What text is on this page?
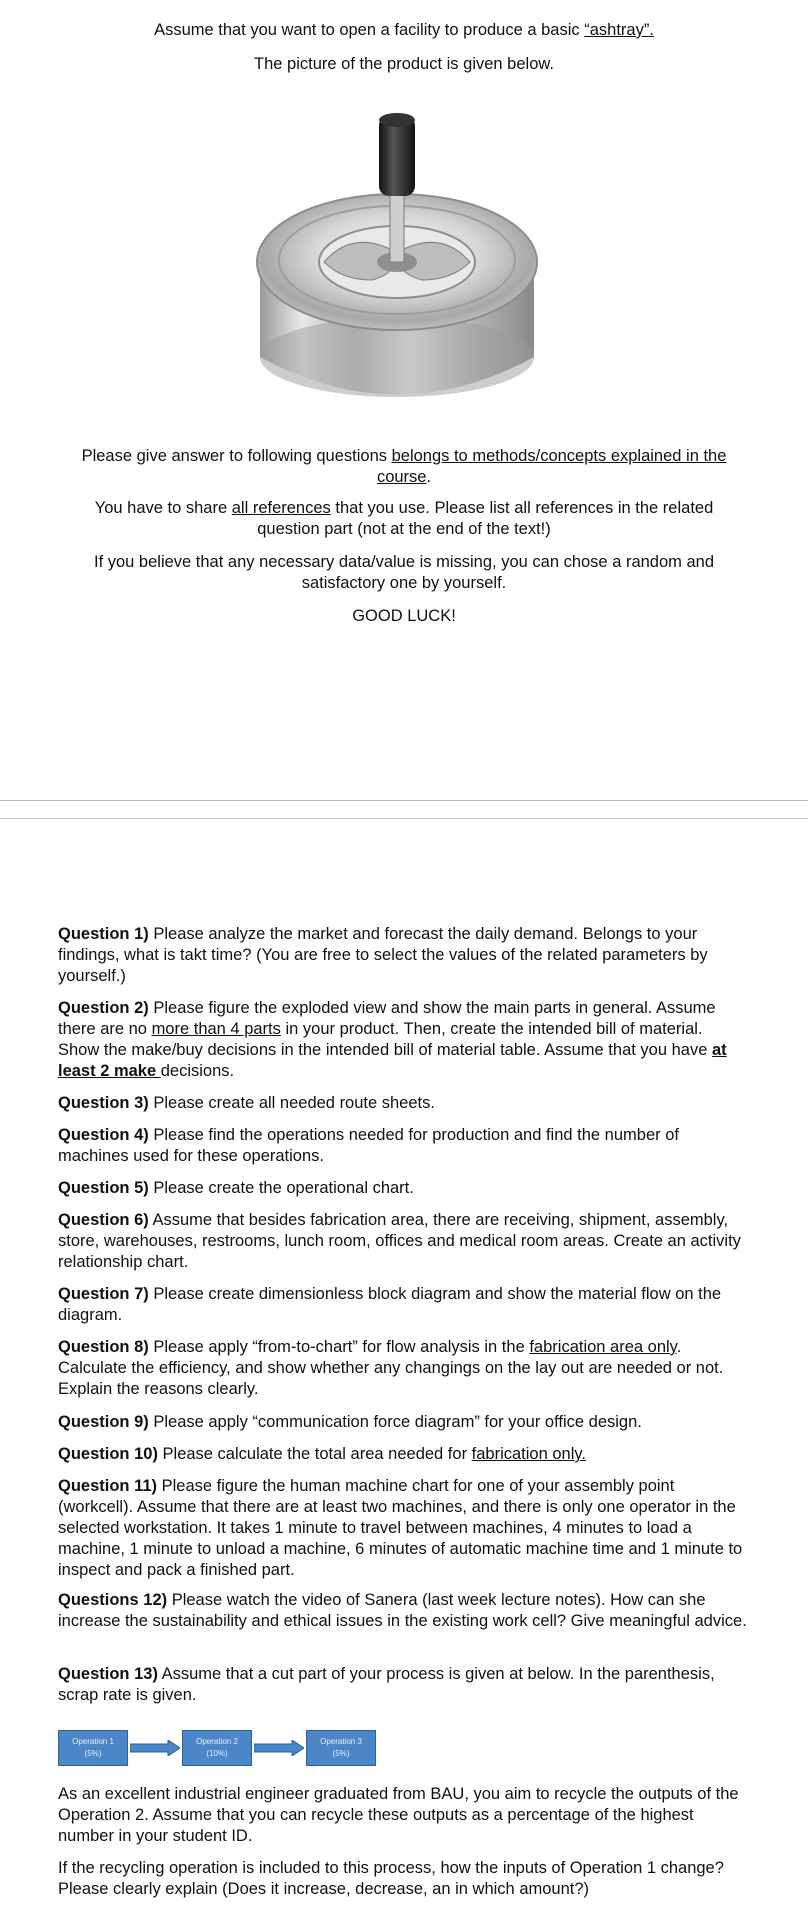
Assume that you want to open a facility to produce a basic “ashtray”.
The picture of the product is given below.
Please give answer to following questions belongs to methods/concepts explained in the course.
You have to share all references that you use. Please list all references in the related question part (not at the end of the text!)
If you believe that any necessary data/value is missing, you can chose a random and satisfactory one by yourself.
GOOD LUCK!

Question 1) Please analyze the market and forecast the daily demand. Belongs to your findings, what is takt time? (You are free to select the values of the related parameters by yourself.)

Question 2) Please figure the exploded view and show the main parts in general. Assume there are no more than 4 parts in your product. Then, create the intended bill of material. Show the make/buy decisions in the intended bill of material table. Assume that you have at least 2 make decisions.

Question 3) Please create all needed route sheets.

Question 4) Please find the operations needed for production and find the number of machines used for these operations.

Question 5) Please create the operational chart.

Question 6) Assume that besides fabrication area, there are receiving, shipment, assembly, store, warehouses, restrooms, lunch room, offices and medical room areas. Create an activity relationship chart.

Question 7) Please create dimensionless block diagram and show the material flow on the diagram.

Question 8) Please apply “from-to-chart” for flow analysis in the fabrication area only. Calculate the efficiency, and show whether any changings on the lay out are needed or not. Explain the reasons clearly.

Question 9) Please apply “communication force diagram” for your office design.

Question 10) Please calculate the total area needed for fabrication only.

Question 11) Please figure the human machine chart for one of your assembly point (workcell). Assume that there are at least two machines, and there is only one operator in the selected workstation. It takes 1 minute to travel between machines, 4 minutes to load a machine, 1 minute to unload a machine, 6 minutes of automatic machine time and 1 minute to inspect and pack a finished part.

Questions 12) Please watch the video of Sanera (last week lecture notes). How can she increase the sustainability and ethical issues in the existing work cell? Give meaningful advice.

Question 13) Assume that a cut part of your process is given at below. In the parenthesis, scrap rate is given.

Operation 1
(5%)
Operation 2
(10%)
Operation 3
(5%)
As an excellent industrial engineer graduated from BAU, you aim to recycle the outputs of the Operation 2. Assume that you can recycle these outputs as a percentage of the highest number in your student ID.
If the recycling operation is included to this process, how the inputs of Operation 1 change? Please clearly explain (Does it increase, decrease, an in which amount?)
